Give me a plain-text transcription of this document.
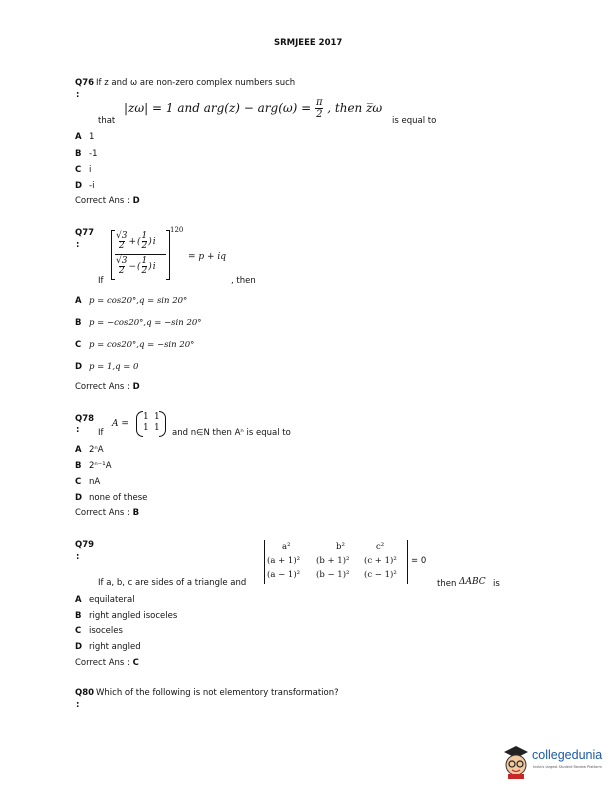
SRMJEEE 2017
Q76 If z and ω are non-zero complex numbers such
:
|zω| = 1 and $arg(z) - arg(\omega) = \frac{\pi}{2}$ , then z̅ω
that	is equal to
A 1
B -1
C i
D -i
Correct Ans : D
Q77
:
If
√3
2 + (
1
2 ) i
√3
2 − (
1
2 ) i
120
= p + iq
, then
A p = cos20°,q = sin 20°
B p = −cos20°,q = −sin 20°
C p = cos20°,q = −sin 20°
D p = 1,q = 0
Correct Ans : D
Q78
: If
A =
1 1
1 1 and n∈N then Aⁿ is equal to
A 2ⁿA
B 2ⁿ⁻¹A
C nA
D none of these
Correct Ans : B
Q79
:
If a, b, c are sides of a triangle and
a²	b²	c²
(a + 1)² (b + 1)² (c + 1)²
(a − 1)² (b − 1)² (c − 1)²
= 0
then ΔABC is
A equilateral
B right angled isoceles
C isoceles
D right angled
Correct Ans : C
Q80 Which of the following is not elementory transformation?
:
collegedunia
India's largest Student Review Platform
